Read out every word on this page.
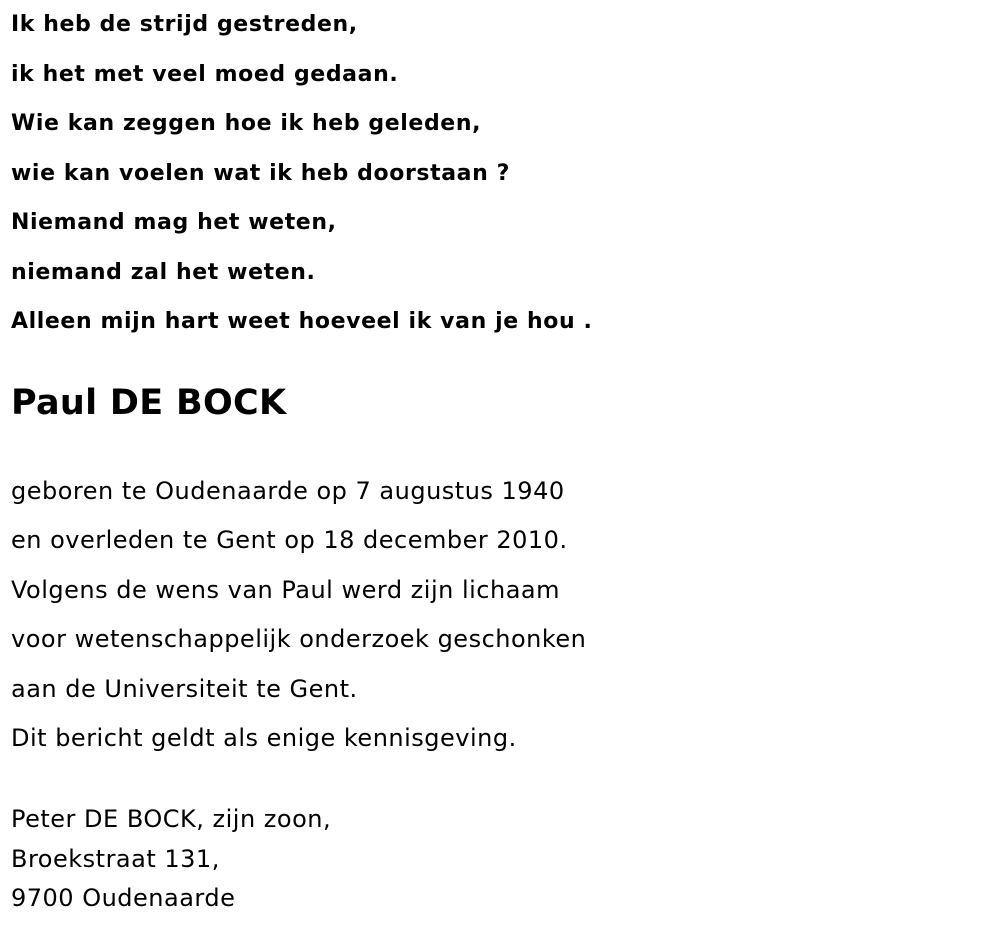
Ik heb de strijd gestreden,
ik het met veel moed gedaan.
Wie kan zeggen hoe ik heb geleden,
wie kan voelen wat ik heb doorstaan ?
Niemand mag het weten,
niemand zal het weten.
Alleen mijn hart weet hoeveel ik van je hou .
Paul DE BOCK
geboren te Oudenaarde op 7 augustus 1940
en overleden te Gent op 18 december 2010.
Volgens de wens van Paul werd zijn lichaam
voor wetenschappelijk onderzoek geschonken
aan de Universiteit te Gent.
Dit bericht geldt als enige kennisgeving.
Peter DE BOCK, zijn zoon,
Broekstraat 131,
9700 Oudenaarde
